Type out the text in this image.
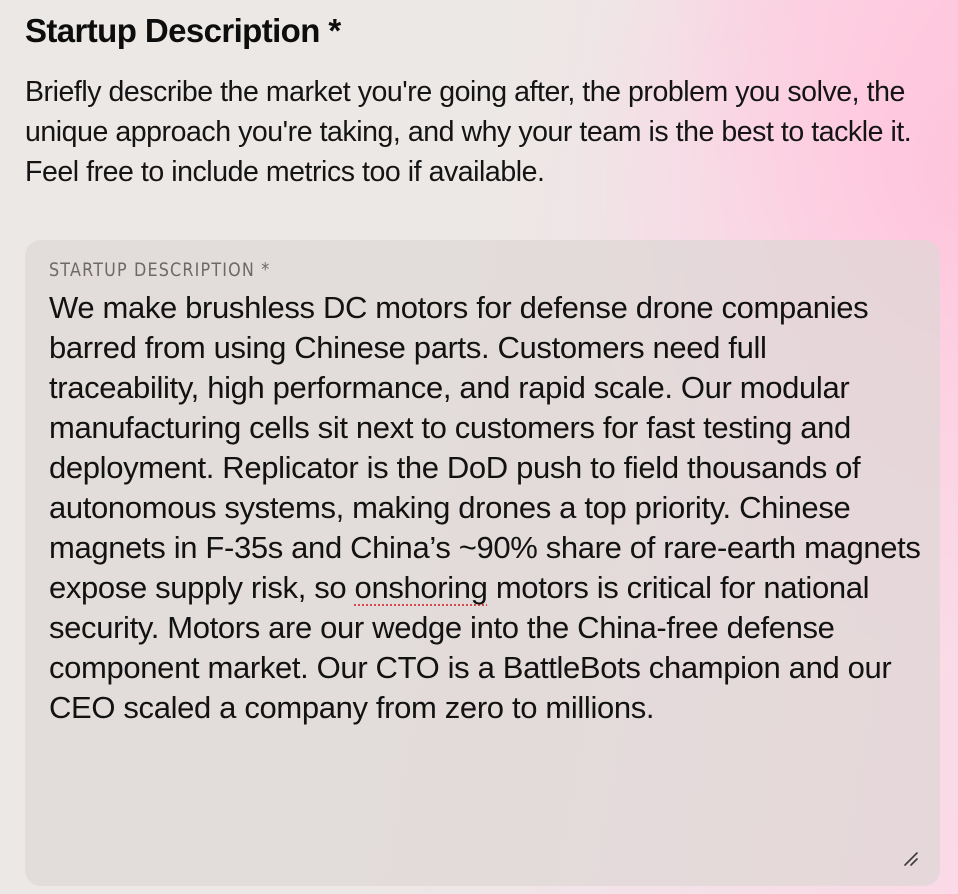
Startup Description *

Briefly describe the market you're going after, the problem you solve, the unique approach you're taking, and why your team is the best to tackle it. Feel free to include metrics too if available.

STARTUP DESCRIPTION *
We make brushless DC motors for defense drone companies barred from using Chinese parts. Customers need full traceability, high performance, and rapid scale. Our modular manufacturing cells sit next to customers for fast testing and deployment. Replicator is the DoD push to field thousands of autonomous systems, making drones a top priority. Chinese magnets in F-35s and China’s ~90% share of rare-earth magnets expose supply risk, so onshoring motors is critical for national security. Motors are our wedge into the China-free defense component market. Our CTO is a BattleBots champion and our CEO scaled a company from zero to millions.
